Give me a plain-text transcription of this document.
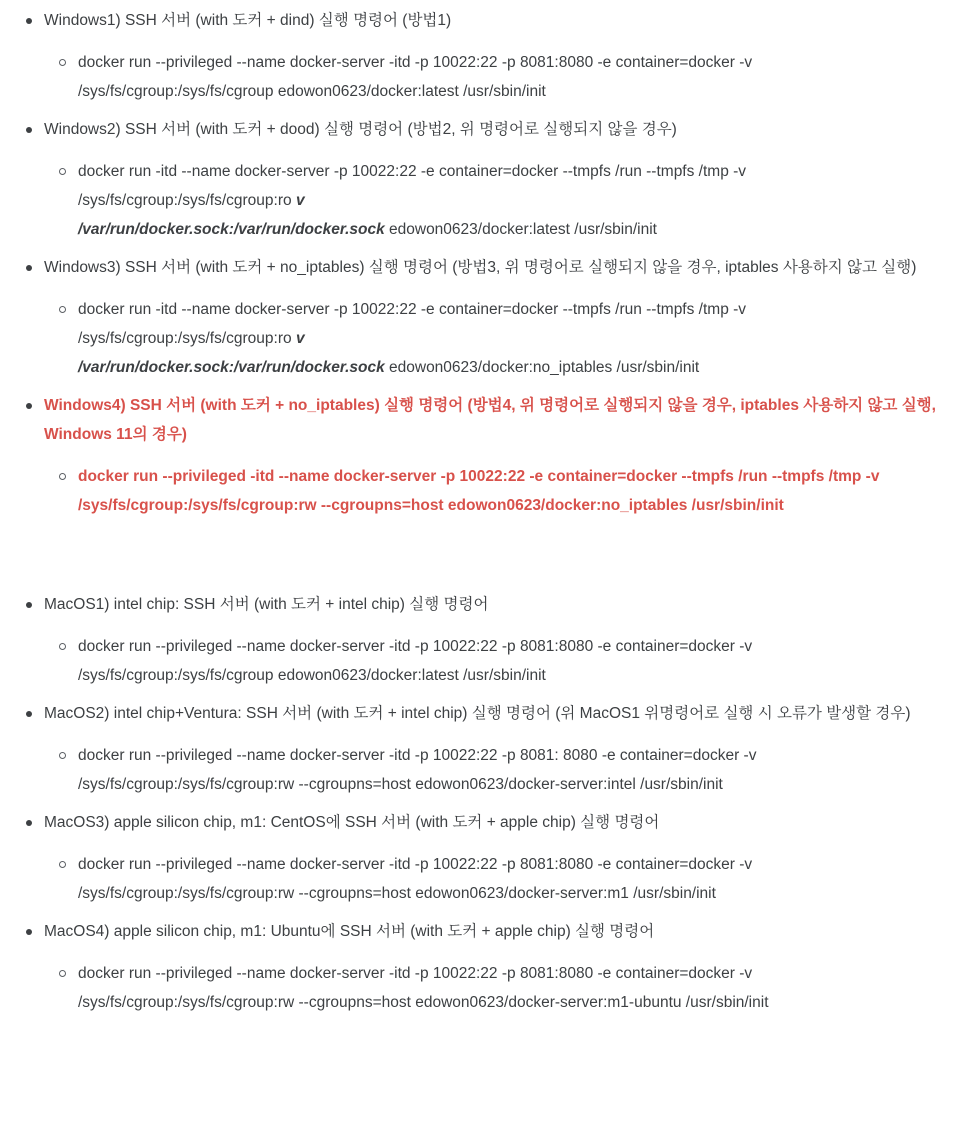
Windows1) SSH 서버 (with 도커 + dind) 실행 명령어 (방법1)
docker run --privileged --name docker-server -itd -p 10022:22 -p 8081:8080 -e container=docker -v /sys/fs/cgroup:/sys/fs/cgroup edowon0623/docker:latest /usr/sbin/init
Windows2) SSH 서버 (with 도커 + dood) 실행 명령어 (방법2, 위 명령어로 실행되지 않을 경우)
docker run -itd --name docker-server -p 10022:22 -e container=docker --tmpfs /run --tmpfs /tmp -v /sys/fs/cgroup:/sys/fs/cgroup:ro v
/var/run/docker.sock:/var/run/docker.sock edowon0623/docker:latest /usr/sbin/init
Windows3) SSH 서버 (with 도커 + no_iptables) 실행 명령어 (방법3, 위 명령어로 실행되지 않을 경우, iptables 사용하지 않고 실행)
docker run -itd --name docker-server -p 10022:22 -e container=docker --tmpfs /run --tmpfs /tmp -v /sys/fs/cgroup:/sys/fs/cgroup:ro v
/var/run/docker.sock:/var/run/docker.sock edowon0623/docker:no_iptables /usr/sbin/init
Windows4) SSH 서버 (with 도커 + no_iptables) 실행 명령어 (방법4, 위 명령어로 실행되지 않을 경우, iptables 사용하지 않고 실행, Windows 11의 경우)
docker run --privileged -itd --name docker-server -p 10022:22 -e container=docker --tmpfs /run --tmpfs /tmp -v /sys/fs/cgroup:/sys/fs/cgroup:rw --cgroupns=host edowon0623/docker:no_iptables /usr/sbin/init
MacOS1) intel chip: SSH 서버 (with 도커 + intel chip) 실행 명령어
docker run --privileged --name docker-server -itd -p 10022:22 -p 8081:8080 -e container=docker -v /sys/fs/cgroup:/sys/fs/cgroup edowon0623/docker:latest /usr/sbin/init
MacOS2) intel chip+Ventura: SSH 서버 (with 도커 + intel chip) 실행 명령어 (위 MacOS1 위명령어로 실행 시 오류가 발생할 경우)
docker run --privileged --name docker-server -itd -p 10022:22 -p 8081: 8080 -e container=docker -v /sys/fs/cgroup:/sys/fs/cgroup:rw --cgroupns=host edowon0623/docker-server:intel /usr/sbin/init
MacOS3) apple silicon chip, m1: CentOS에 SSH 서버 (with 도커 + apple chip) 실행 명령어
docker run --privileged --name docker-server -itd -p 10022:22 -p 8081:8080 -e container=docker -v /sys/fs/cgroup:/sys/fs/cgroup:rw --cgroupns=host edowon0623/docker-server:m1 /usr/sbin/init
MacOS4) apple silicon chip, m1: Ubuntu에 SSH 서버 (with 도커 + apple chip) 실행 명령어
docker run --privileged --name docker-server -itd -p 10022:22 -p 8081:8080 -e container=docker -v /sys/fs/cgroup:/sys/fs/cgroup:rw --cgroupns=host edowon0623/docker-server:m1-ubuntu /usr/sbin/init
